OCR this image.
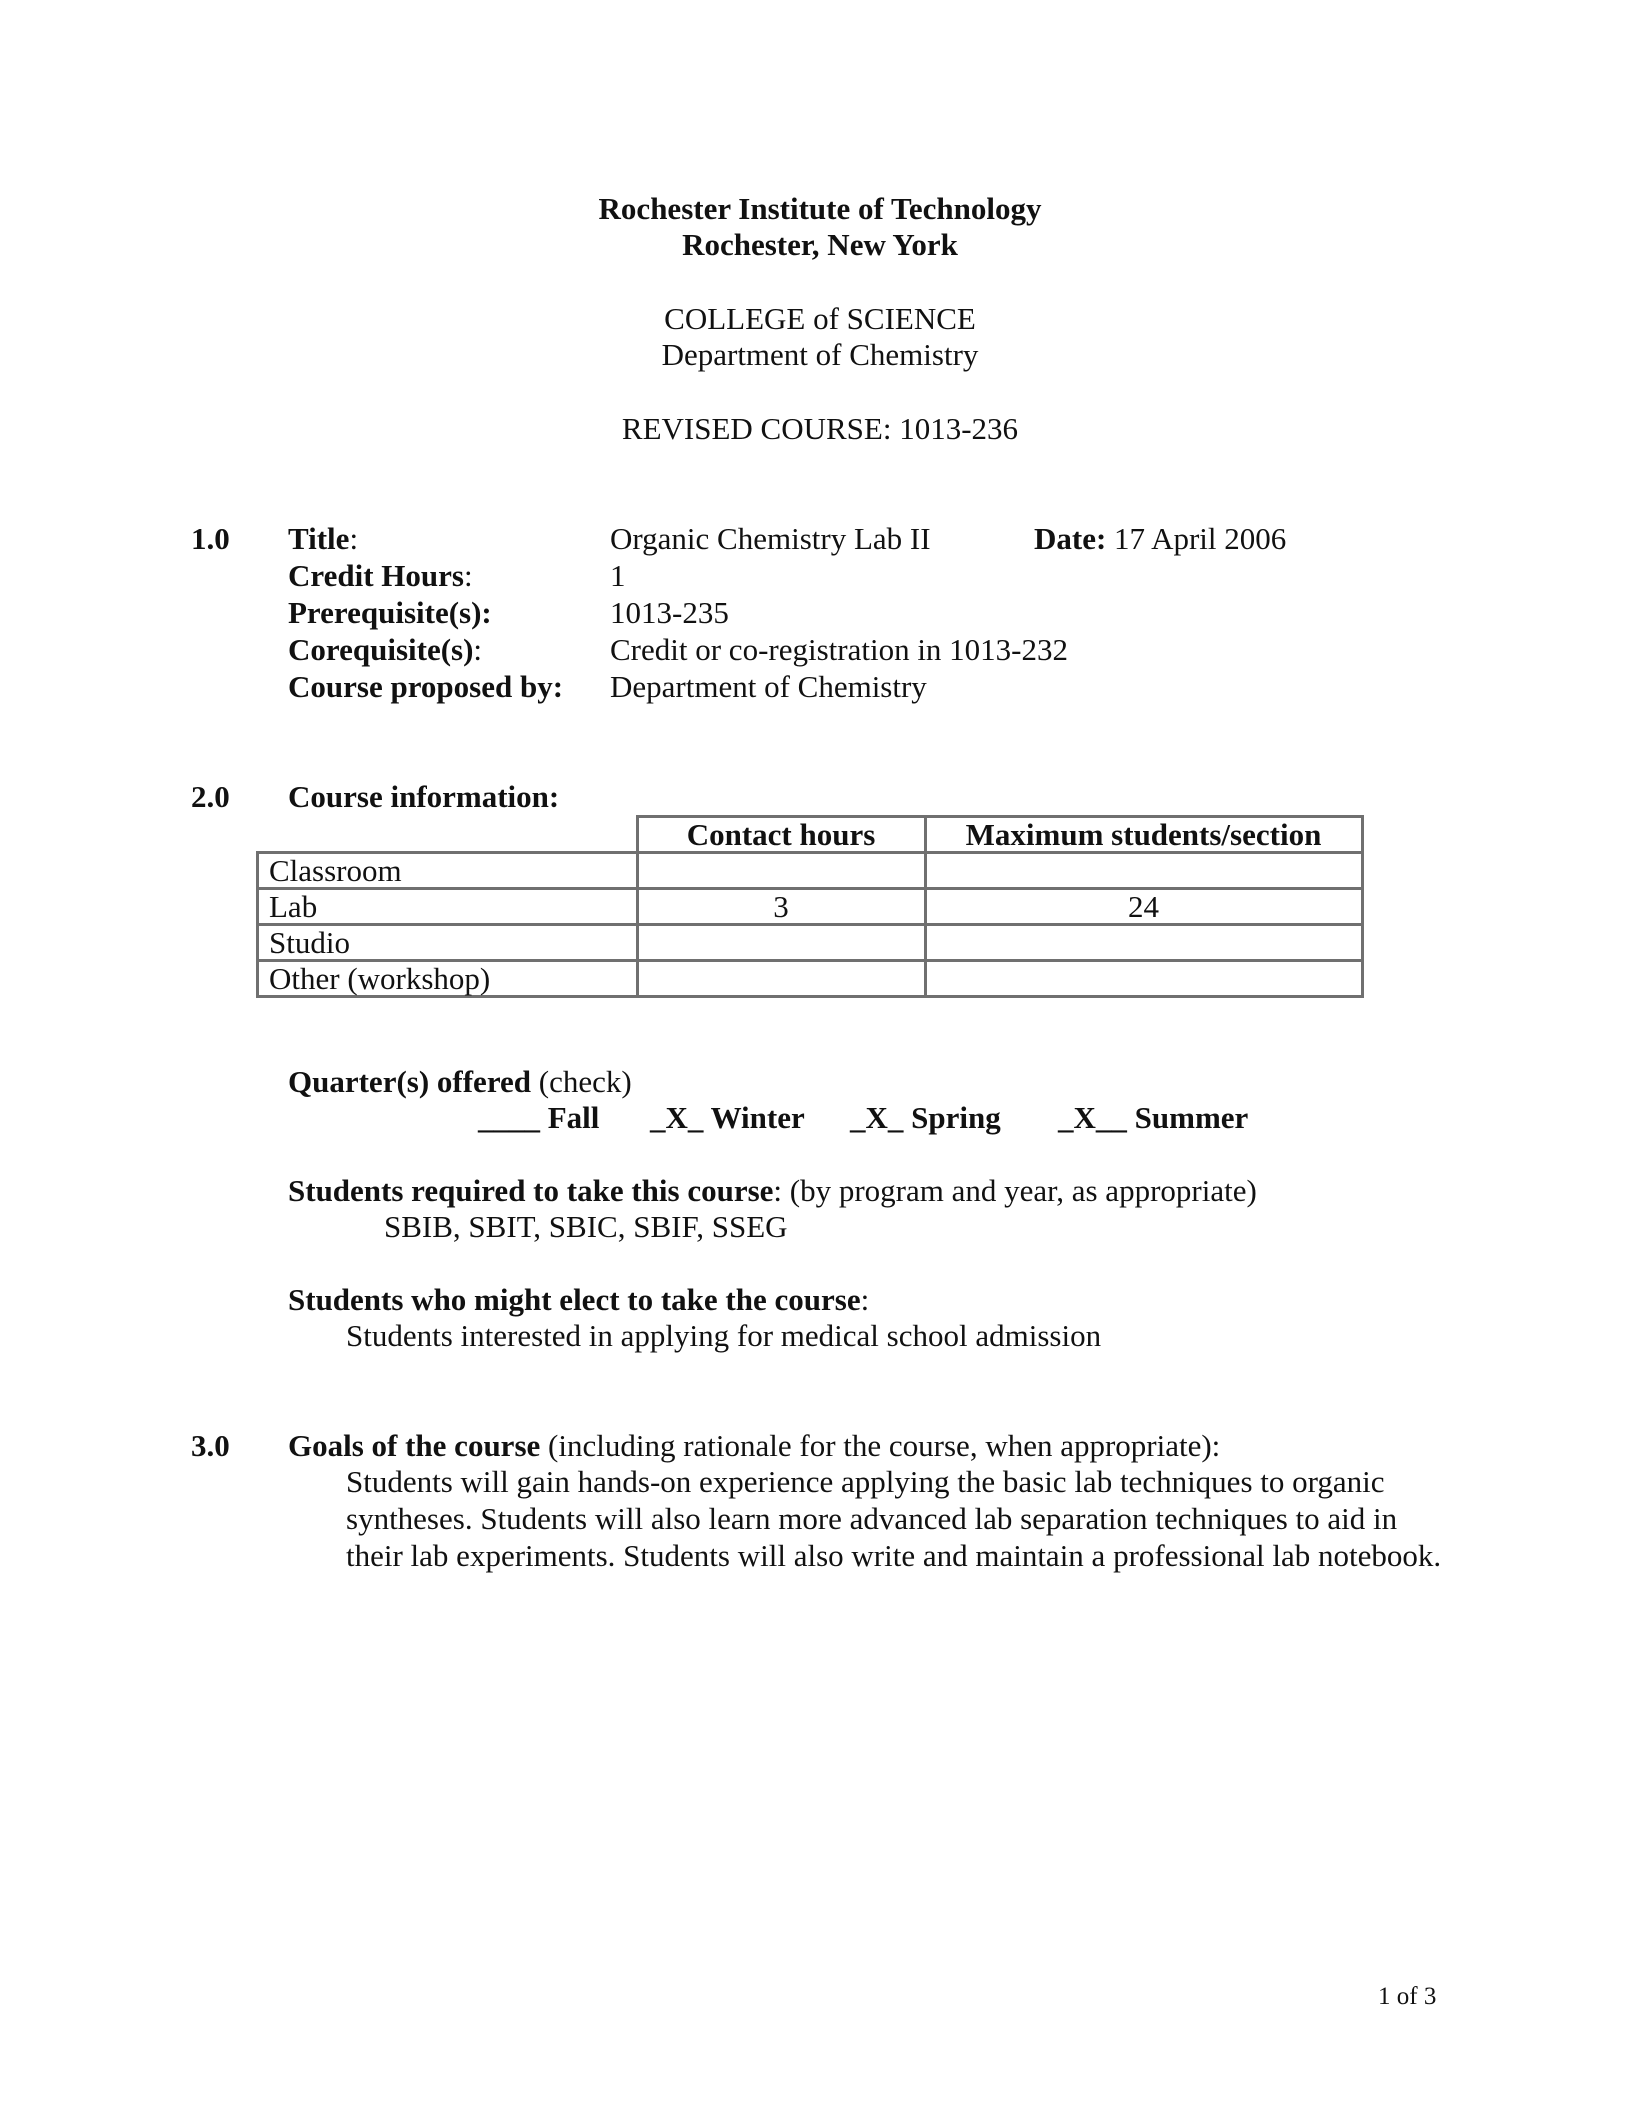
Rochester Institute of Technology
Rochester, New York
COLLEGE of SCIENCE
Department of Chemistry
REVISED COURSE: 1013-236
1.0 Title:	Organic Chemistry Lab II	Date: 17 April 2006
Credit Hours:	1
Prerequisite(s):	1013-235
Corequisite(s):	Credit or co-registration in 1013-232
Course proposed by: Department of Chemistry
2.0 Course information:
	Contact hours	Maximum students/section
Classroom		
Lab	3	24
Studio		
Other (workshop)		
Quarter(s) offered (check)
____ Fall _X_ Winter _X_ Spring _X__ Summer
Students required to take this course: (by program and year, as appropriate)
SBIB, SBIT, SBIC, SBIF, SSEG
Students who might elect to take the course:
Students interested in applying for medical school admission
3.0 Goals of the course (including rationale for the course, when appropriate):
Students will gain hands-on experience applying the basic lab techniques to organic syntheses. Students will also learn more advanced lab separation techniques to aid in their lab experiments. Students will also write and maintain a professional lab notebook.
1 of 3
